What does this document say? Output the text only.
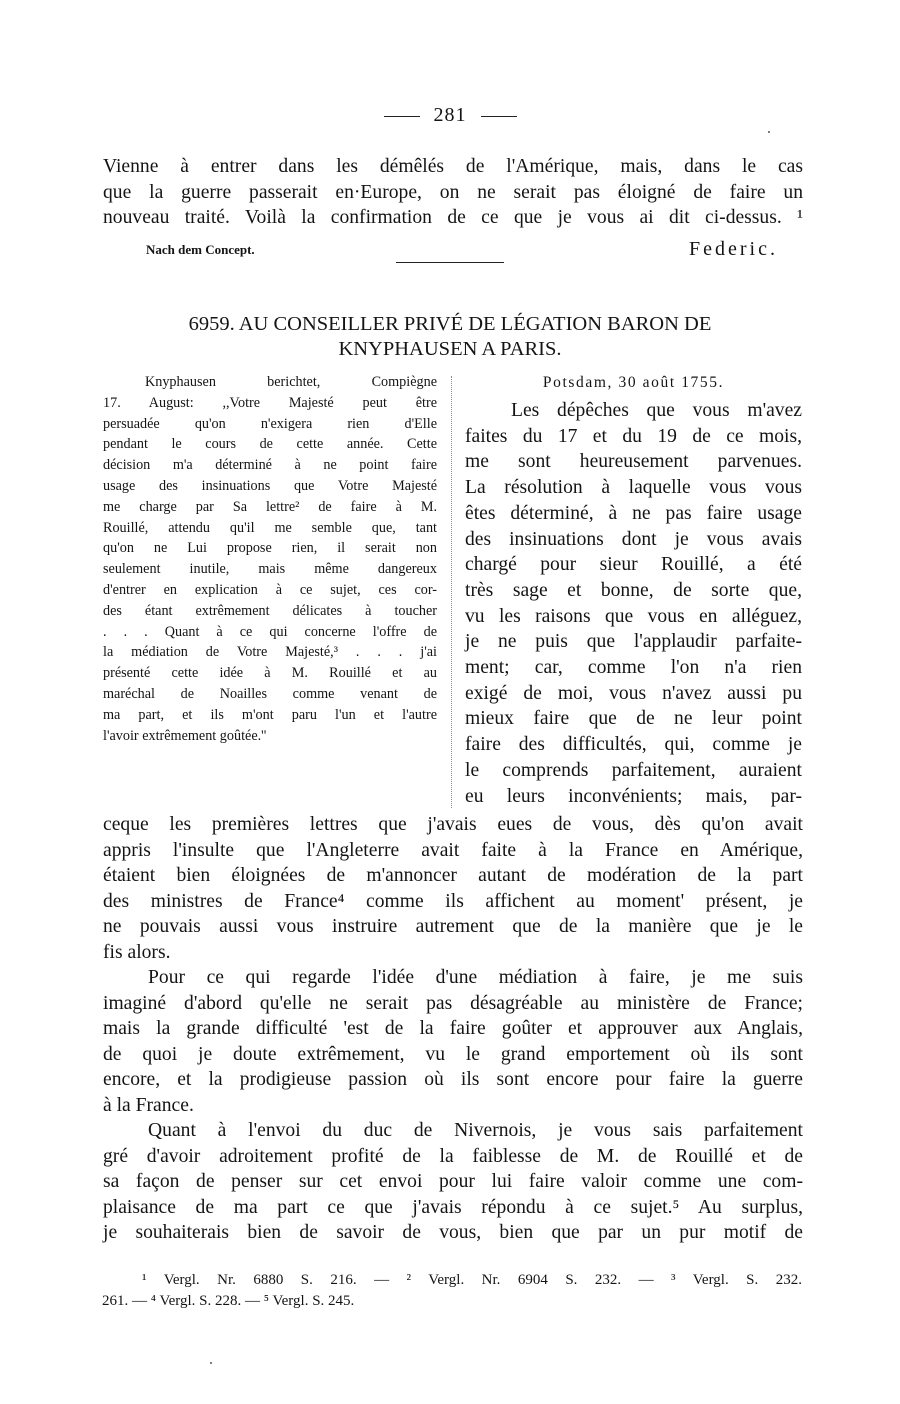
281
Vienne à entrer dans les démêlés de l'Amérique, mais, dans le cas
que la guerre passerait en·Europe, on ne serait pas éloigné de faire un
nouveau traité. Voilà la confirmation de ce que je vous ai dit ci-dessus. ¹
Nach dem Concept.	Federic.
6959. AU CONSEILLER PRIVÉ DE LÉGATION BARON DE
KNYPHAUSEN A PARIS.
Knyphausen berichtet, Compiègne
17. August: ,,Votre Majesté peut être
persuadée qu'on n'exigera rien d'Elle
pendant le cours de cette année. Cette
décision m'a déterminé à ne point faire
usage des insinuations que Votre Majesté
me charge par Sa lettre² de faire à M.
Rouillé, attendu qu'il me semble que, tant
qu'on ne Lui propose rien, il serait non
seulement inutile, mais même dangereux
d'entrer en explication à ce sujet, ces cor-
des étant extrêmement délicates à toucher
. . . Quant à ce qui concerne l'offre de
la médiation de Votre Majesté,³ . . . j'ai
présenté cette idée à M. Rouillé et au
maréchal de Noailles comme venant de
ma part, et ils m'ont paru l'un et l'autre
l'avoir extrêmement goûtée.''
Potsdam, 30 août 1755.
Les dépêches que vous m'avez
faites du 17 et du 19 de ce mois,
me sont heureusement parvenues.
La résolution à laquelle vous vous
êtes déterminé, à ne pas faire usage
des insinuations dont je vous avais
chargé pour sieur Rouillé, a été
très sage et bonne, de sorte que,
vu les raisons que vous en alléguez,
je ne puis que l'applaudir parfaite-
ment; car, comme l'on n'a rien
exigé de moi, vous n'avez aussi pu
mieux faire que de ne leur point
faire des difficultés, qui, comme je
le comprends parfaitement, auraient
eu leurs inconvénients; mais, par-
ceque les premières lettres que j'avais eues de vous, dès qu'on avait
appris l'insulte que l'Angleterre avait faite à la France en Amérique,
étaient bien éloignées de m'annoncer autant de modération de la part
des ministres de France⁴ comme ils affichent au moment' présent, je
ne pouvais aussi vous instruire autrement que de la manière que je le
fis alors.
Pour ce qui regarde l'idée d'une médiation à faire, je me suis
imaginé d'abord qu'elle ne serait pas désagréable au ministère de France;
mais la grande difficulté 'est de la faire goûter et approuver aux Anglais,
de quoi je doute extrêmement, vu le grand emportement où ils sont
encore, et la prodigieuse passion où ils sont encore pour faire la guerre
à la France.
Quant à l'envoi du duc de Nivernois, je vous sais parfaitement
gré d'avoir adroitement profité de la faiblesse de M. de Rouillé et de
sa façon de penser sur cet envoi pour lui faire valoir comme une com-
plaisance de ma part ce que j'avais répondu à ce sujet.⁵ Au surplus,
je souhaiterais bien de savoir de vous, bien que par un pur motif de
¹ Vergl. Nr. 6880 S. 216. — ² Vergl. Nr. 6904 S. 232. — ³ Vergl. S. 232.
261. — ⁴ Vergl. S. 228. — ⁵ Vergl. S. 245.
